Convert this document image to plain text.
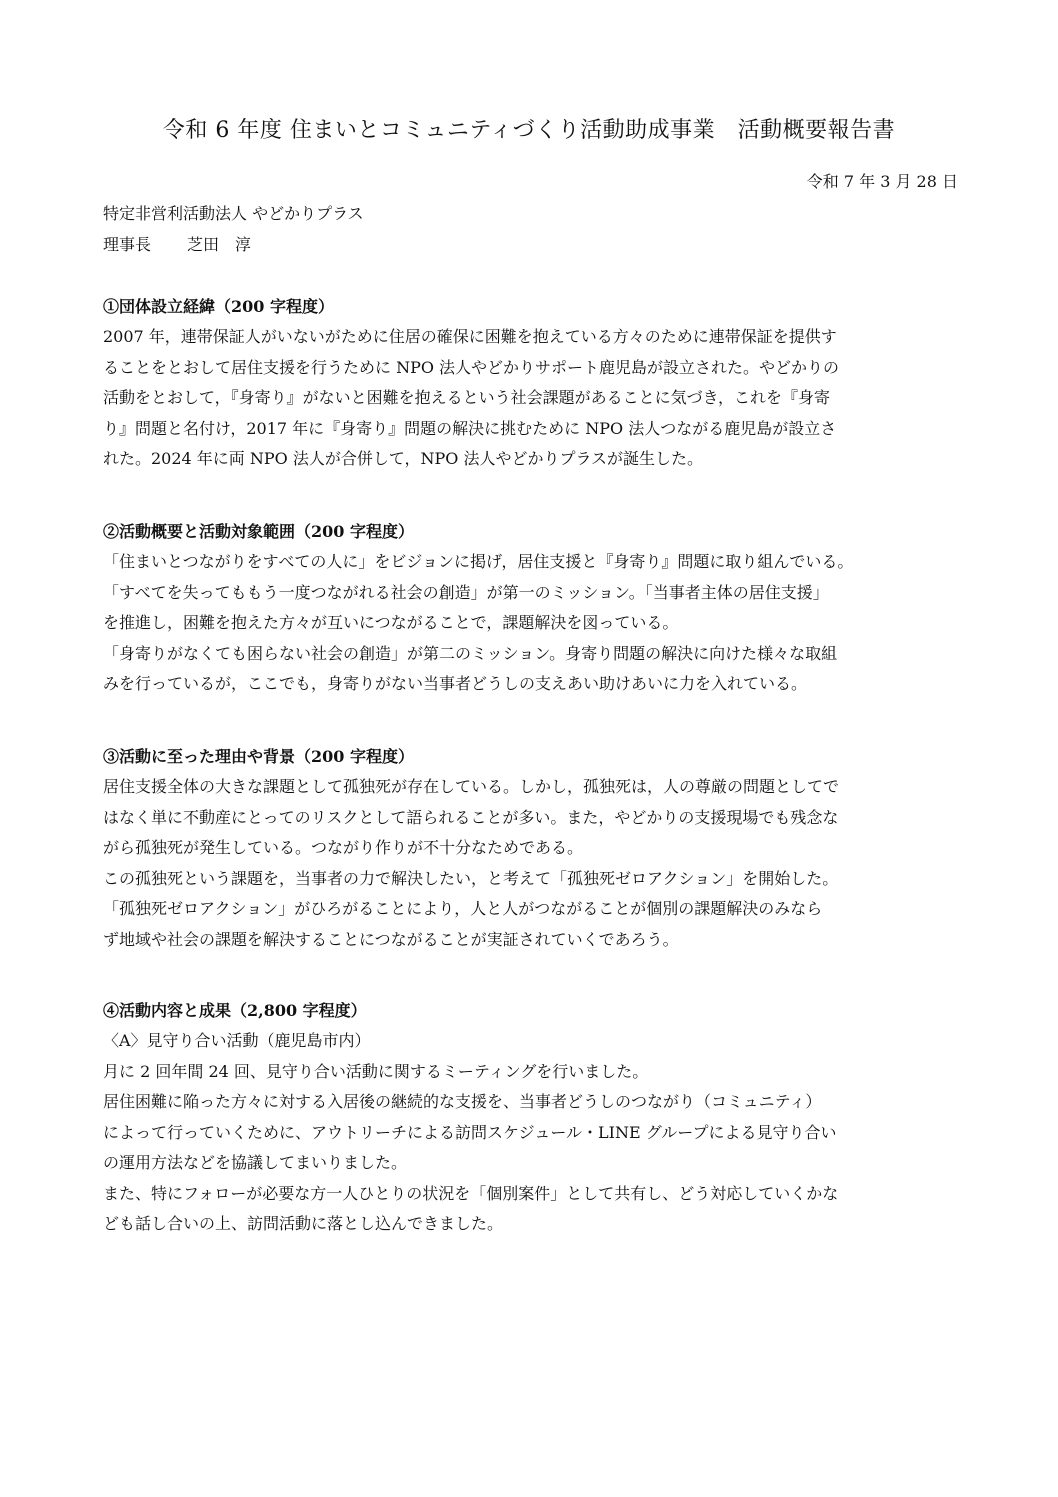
令和 6 年度 住まいとコミュニティづくり活動助成事業　活動概要報告書
令和 7 年 3 月 28 日
特定非営利活動法人 やどかりプラス
理事長 芝田　淳

①団体設立経緯（200 字程度）

2007 年，連帯保証人がいないがために住居の確保に困難を抱えている方々のために連帯保証を提供す

ることをとおして居住支援を行うために NPO 法人やどかりサポート鹿児島が設立された。やどかりの

活動をとおして，『身寄り』がないと困難を抱えるという社会課題があることに気づき，これを『身寄

り』問題と名付け，2017 年に『身寄り』問題の解決に挑むために NPO 法人つながる鹿児島が設立さ

れた。2024 年に両 NPO 法人が合併して，NPO 法人やどかりプラスが誕生した。

②活動概要と活動対象範囲（200 字程度）

「住まいとつながりをすべての人に」をビジョンに掲げ，居住支援と『身寄り』問題に取り組んでいる。

「すべてを失ってももう一度つながれる社会の創造」が第一のミッション。「当事者主体の居住支援」

を推進し，困難を抱えた方々が互いにつながることで，課題解決を図っている。

「身寄りがなくても困らない社会の創造」が第二のミッション。身寄り問題の解決に向けた様々な取組

みを行っているが，ここでも，身寄りがない当事者どうしの支えあい助けあいに力を入れている。

③活動に至った理由や背景（200 字程度）

居住支援全体の大きな課題として孤独死が存在している。しかし，孤独死は，人の尊厳の問題としてで

はなく単に不動産にとってのリスクとして語られることが多い。また，やどかりの支援現場でも残念な

がら孤独死が発生している。つながり作りが不十分なためである。

この孤独死という課題を，当事者の力で解決したい，と考えて「孤独死ゼロアクション」を開始した。

「孤独死ゼロアクション」がひろがることにより，人と人がつながることが個別の課題解決のみなら

ず地域や社会の課題を解決することにつながることが実証されていくであろう。

④活動内容と成果（2,800 字程度）

〈A〉見守り合い活動（鹿児島市内）

月に 2 回年間 24 回、見守り合い活動に関するミーティングを行いました。

居住困難に陥った方々に対する入居後の継続的な支援を、当事者どうしのつながり（コミュニティ）

によって行っていくために、アウトリーチによる訪問スケジュール・LINE グループによる見守り合い

の運用方法などを協議してまいりました。

また、特にフォローが必要な方一人ひとりの状況を「個別案件」として共有し、どう対応していくかな

ども話し合いの上、訪問活動に落とし込んできました。
